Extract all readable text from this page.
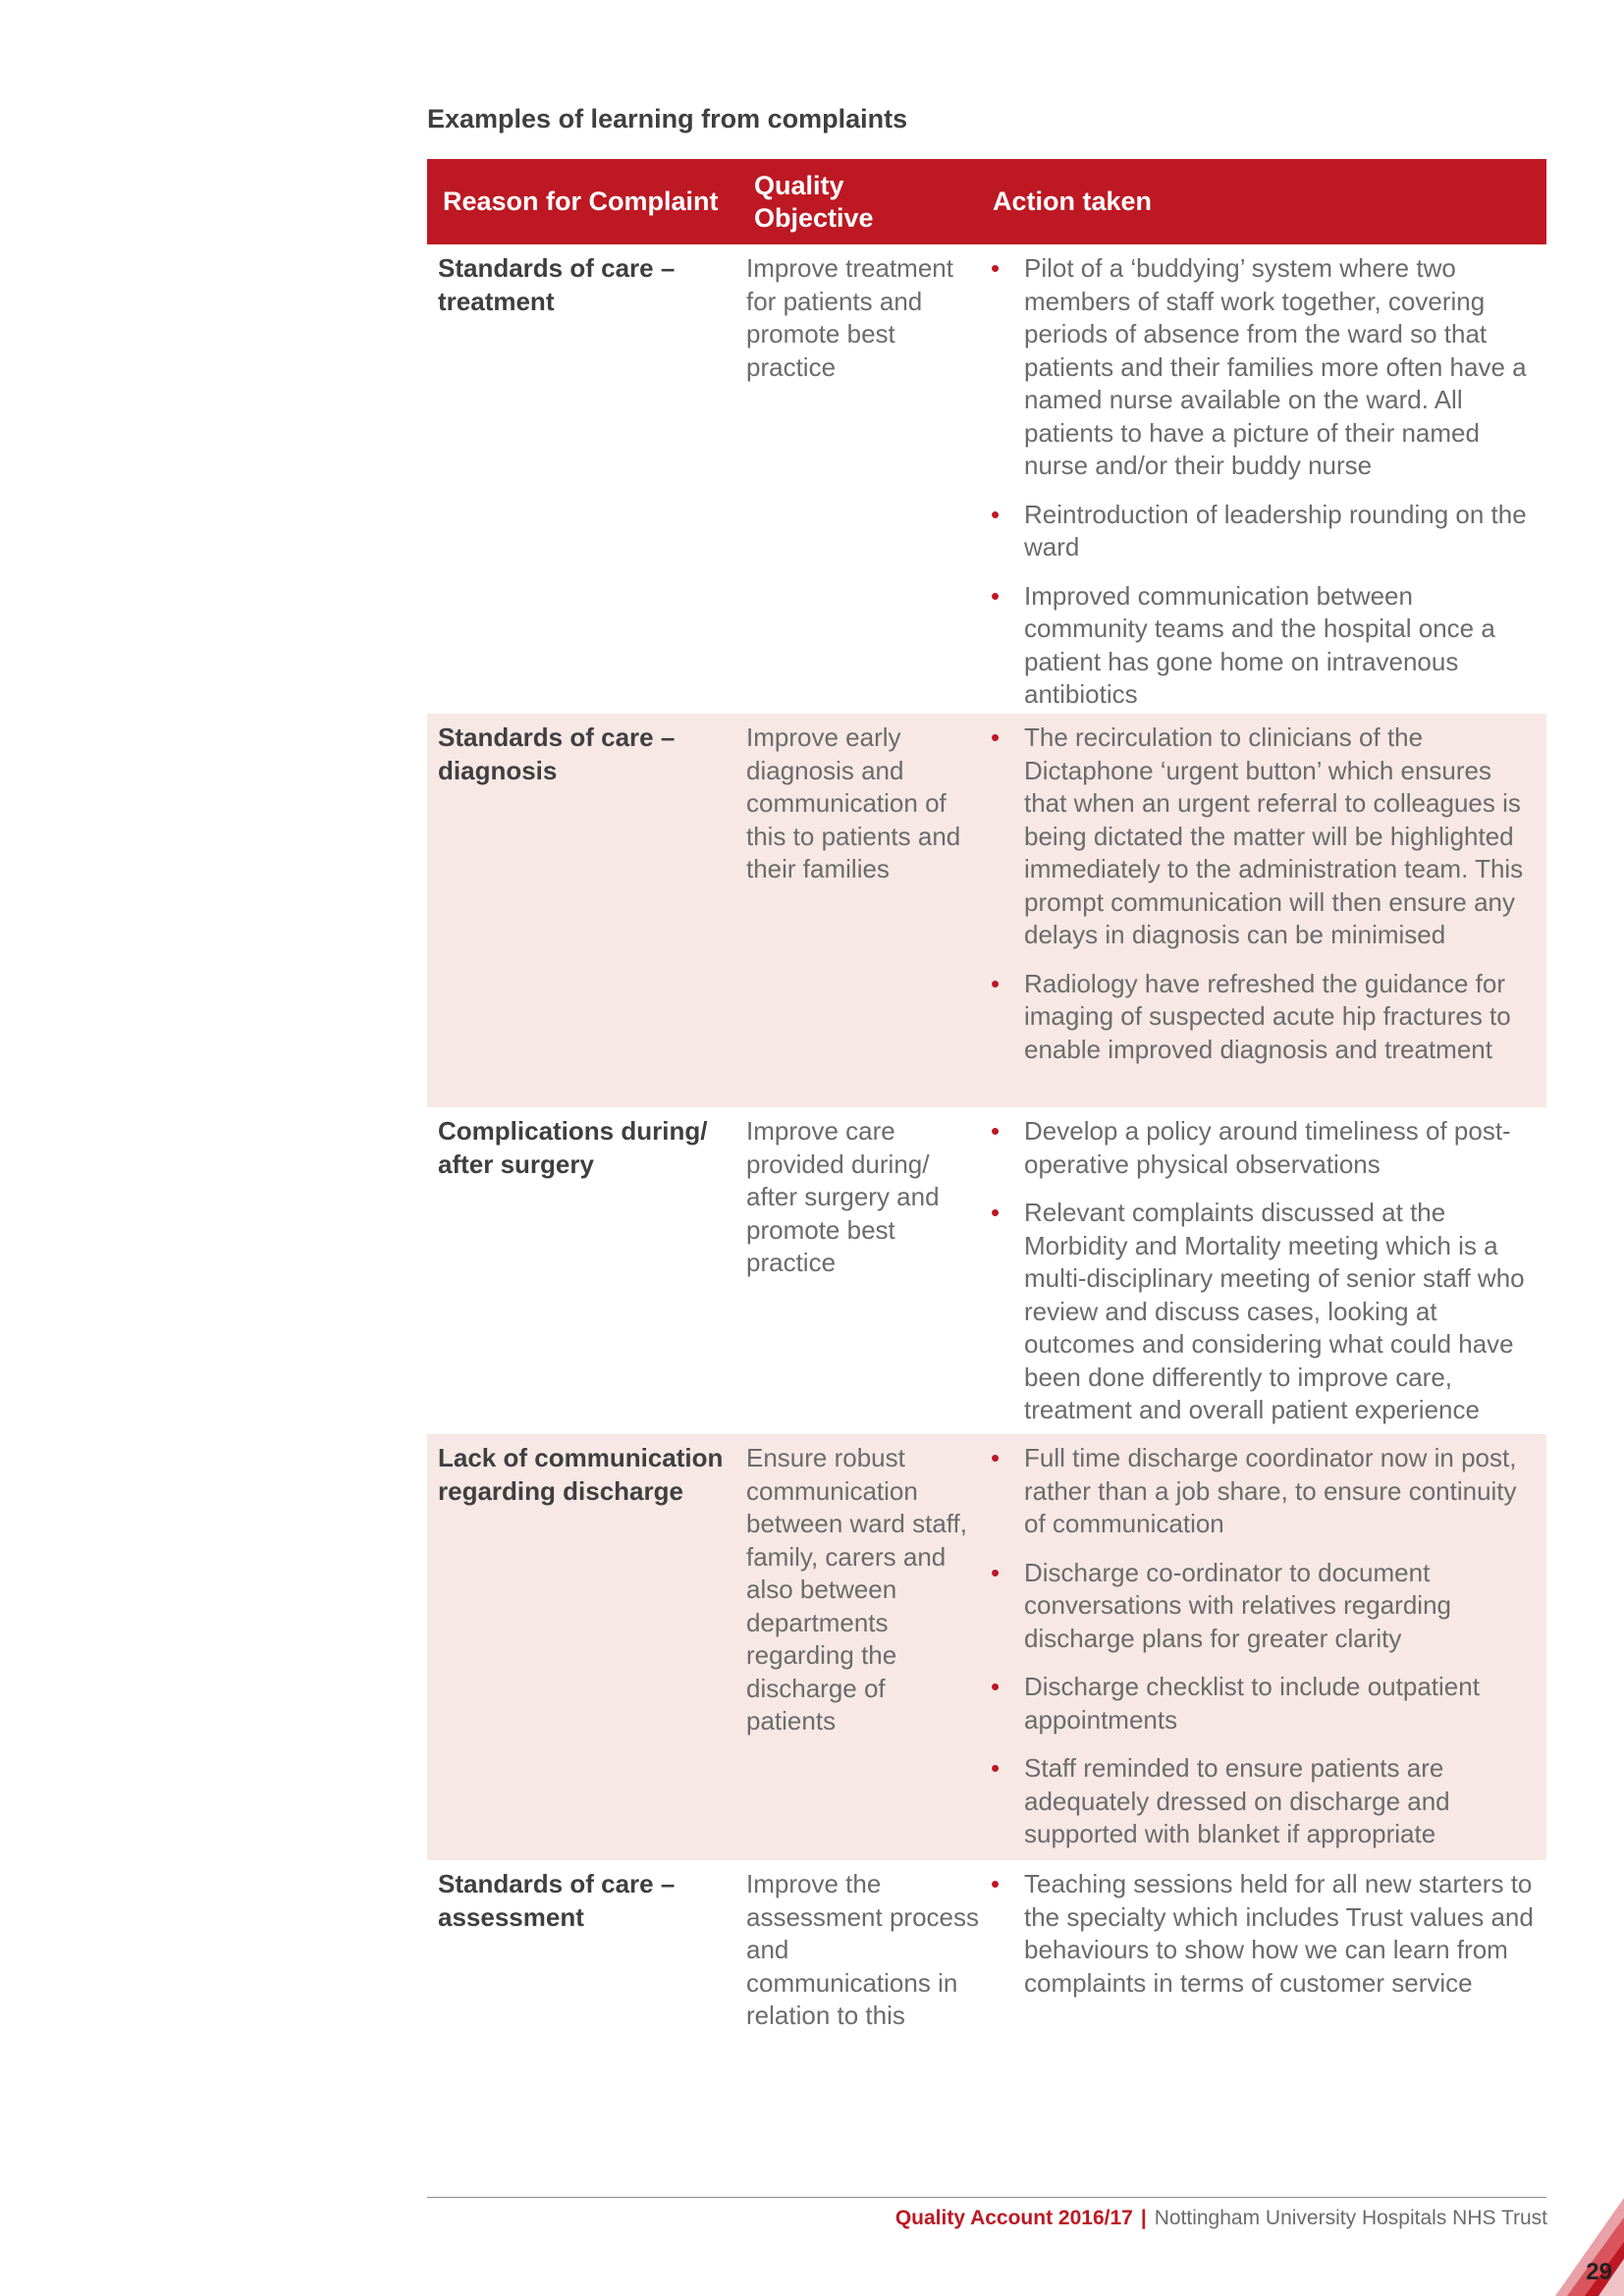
Examples of learning from complaints
Reason for Complaint
Quality
Objective
Action taken
Standards of care – treatment
Improve treatment for patients and promote best practice
• Pilot of a ‘buddying’ system where two members of staff work together, covering periods of absence from the ward so that patients and their families more often have a named nurse available on the ward. All patients to have a picture of their named nurse and/or their buddy nurse
• Reintroduction of leadership rounding on the ward
• Improved communication between community teams and the hospital once a patient has gone home on intravenous antibiotics
Standards of care – diagnosis
Improve early diagnosis and communication of this to patients and their families
• The recirculation to clinicians of the Dictaphone ‘urgent button’ which ensures that when an urgent referral to colleagues is being dictated the matter will be highlighted immediately to the administration team. This prompt communication will then ensure any delays in diagnosis can be minimised
• Radiology have refreshed the guidance for imaging of suspected acute hip fractures to enable improved diagnosis and treatment
Complications during/ after surgery
Improve care provided during/ after surgery and promote best practice
• Develop a policy around timeliness of post-operative physical observations
• Relevant complaints discussed at the Morbidity and Mortality meeting which is a multi-disciplinary meeting of senior staff who review and discuss cases, looking at outcomes and considering what could have been done differently to improve care, treatment and overall patient experience
Lack of communication regarding discharge
Ensure robust communication between ward staff, family, carers and also between departments regarding the discharge of patients
• Full time discharge coordinator now in post, rather than a job share, to ensure continuity of communication
• Discharge co-ordinator to document conversations with relatives regarding discharge plans for greater clarity
• Discharge checklist to include outpatient appointments
• Staff reminded to ensure patients are adequately dressed on discharge and supported with blanket if appropriate
Standards of care – assessment
Improve the assessment process and communications in relation to this
• Teaching sessions held for all new starters to the specialty which includes Trust values and behaviours to show how we can learn from complaints in terms of customer service
Quality Account 2016/17 | Nottingham University Hospitals NHS Trust
29
